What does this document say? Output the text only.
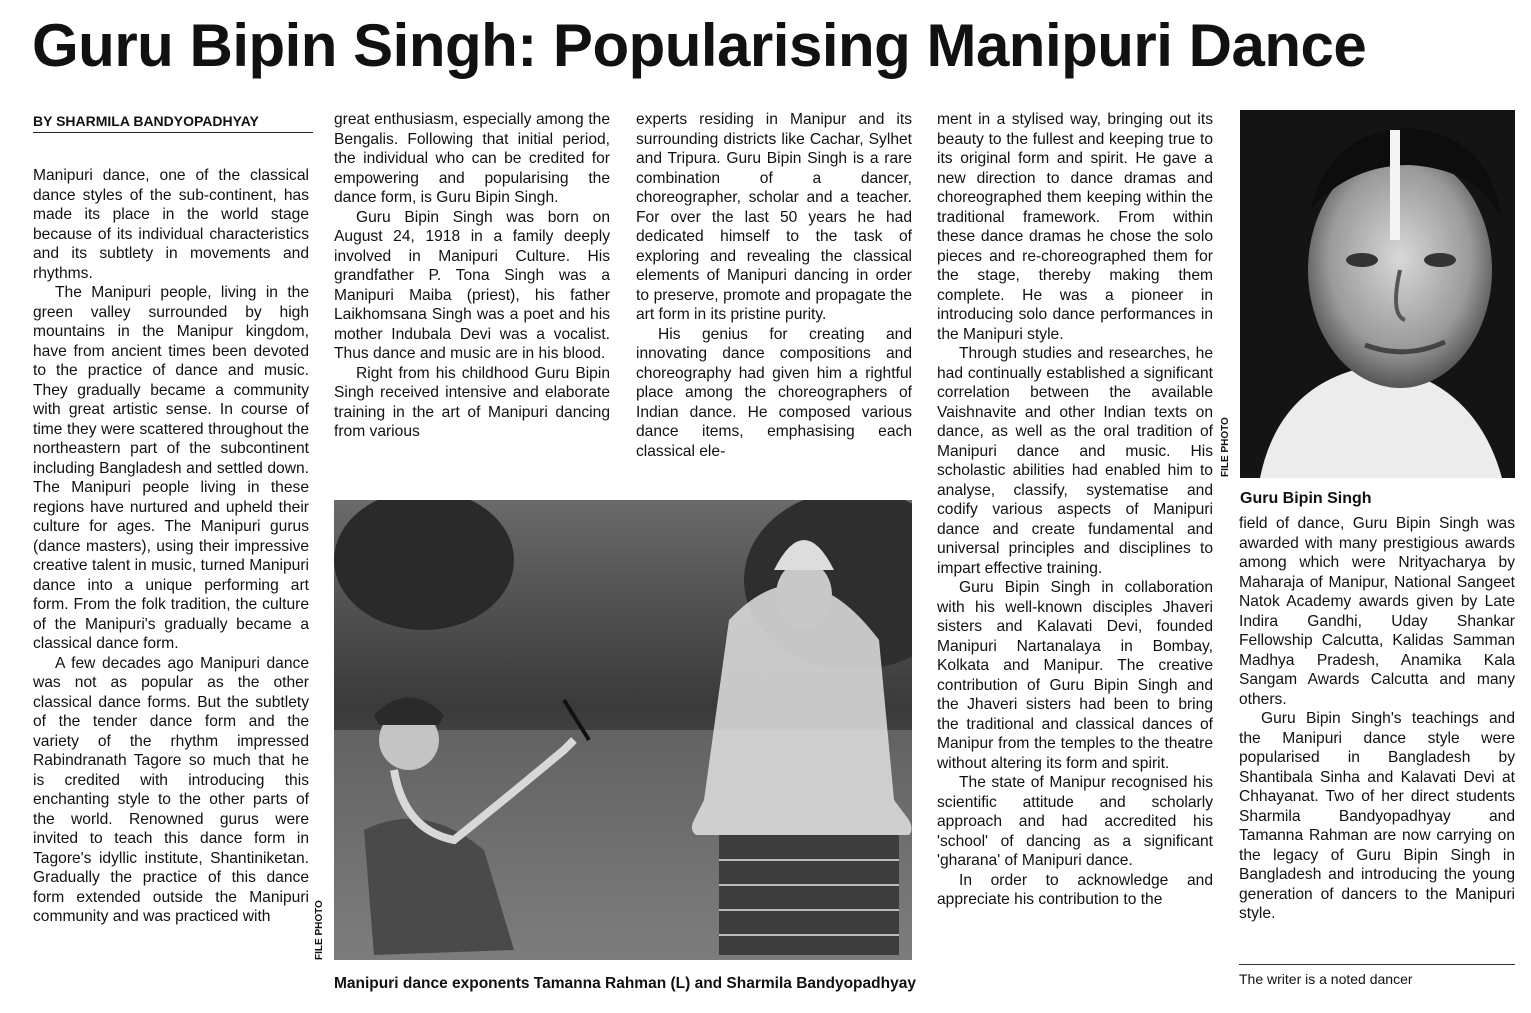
Guru Bipin Singh: Popularising Manipuri Dance
BY SHARMILA BANDYOPADHYAY

Manipuri dance, one of the classical dance styles of the sub-continent, has made its place in the world stage because of its individual characteristics and its subtlety in movements and rhythms.

The Manipuri people, living in the green valley surrounded by high mountains in the Manipur kingdom, have from ancient times been devoted to the practice of dance and music. They gradually became a community with great artistic sense. In course of time they were scattered throughout the northeastern part of the subcontinent including Bangladesh and settled down. The Manipuri people living in these regions have nurtured and upheld their culture for ages. The Manipuri gurus (dance masters), using their impressive creative talent in music, turned Manipuri dance into a unique performing art form. From the folk tradition, the culture of the Manipuri's gradually became a classical dance form.

A few decades ago Manipuri dance was not as popular as the other classical dance forms. But the subtlety of the tender dance form and the variety of the rhythm impressed Rabindranath Tagore so much that he is credited with introducing this enchanting style to the other parts of the world. Renowned gurus were invited to teach this dance form in Tagore's idyllic institute, Shantiniketan. Gradually the practice of this dance form extended outside the Manipuri community and was practiced with

great enthusiasm, especially among the Bengalis. Following that initial period, the individual who can be credited for empowering and popularising the dance form, is Guru Bipin Singh.

Guru Bipin Singh was born on August 24, 1918 in a family deeply involved in Manipuri Culture. His grandfather P. Tona Singh was a Manipuri Maiba (priest), his father Laikhomsana Singh was a poet and his mother Indubala Devi was a vocalist. Thus dance and music are in his blood.

Right from his childhood Guru Bipin Singh received intensive and elaborate training in the art of Manipuri dancing from various

experts residing in Manipur and its surrounding districts like Cachar, Sylhet and Tripura. Guru Bipin Singh is a rare combination of a dancer, choreographer, scholar and a teacher. For over the last 50 years he had dedicated himself to the task of exploring and revealing the classical elements of Manipuri dancing in order to preserve, promote and propagate the art form in its pristine purity.

His genius for creating and innovating dance compositions and choreography had given him a rightful place among the choreographers of Indian dance. He composed various dance items, emphasising each classical ele-

ment in a stylised way, bringing out its beauty to the fullest and keeping true to its original form and spirit. He gave a new direction to dance dramas and choreographed them keeping within the traditional framework. From within these dance dramas he chose the solo pieces and re-choreographed them for the stage, thereby making them complete. He was a pioneer in introducing solo dance performances in the Manipuri style.

Through studies and researches, he had continually established a significant correlation between the available Vaishnavite and other Indian texts on dance, as well as the oral tradition of Manipuri dance and music. His scholastic abilities had enabled him to analyse, classify, systematise and codify various aspects of Manipuri dance and create fundamental and universal principles and disciplines to impart effective training.

Guru Bipin Singh in collaboration with his well-known disciples Jhaveri sisters and Kalavati Devi, founded Manipuri Nartanalaya in Bombay, Kolkata and Manipur. The creative contribution of Guru Bipin Singh and the Jhaveri sisters had been to bring the traditional and classical dances of Manipur from the temples to the theatre without altering its form and spirit.

The state of Manipur recognised his scientific attitude and scholarly approach and had accredited his 'school' of dancing as a significant 'gharana' of Manipuri dance.

In order to acknowledge and appreciate his contribution to the

FILE PHOTO
Guru Bipin Singh

field of dance, Guru Bipin Singh was awarded with many prestigious awards among which were Nrityacharya by Maharaja of Manipur, National Sangeet Natok Academy awards given by Late Indira Gandhi, Uday Shankar Fellowship Calcutta, Kalidas Samman Madhya Pradesh, Anamika Kala Sangam Awards Calcutta and many others.

Guru Bipin Singh's teachings and the Manipuri dance style were popularised in Bangladesh by Shantibala Sinha and Kalavati Devi at Chhayanat. Two of her direct students Sharmila Bandyopadhyay and Tamanna Rahman are now carrying on the legacy of Guru Bipin Singh in Bangladesh and introducing the young generation of dancers to the Manipuri style.

The writer is a noted dancer
FILE PHOTO
Manipuri dance exponents Tamanna Rahman (L) and Sharmila Bandyopadhyay
